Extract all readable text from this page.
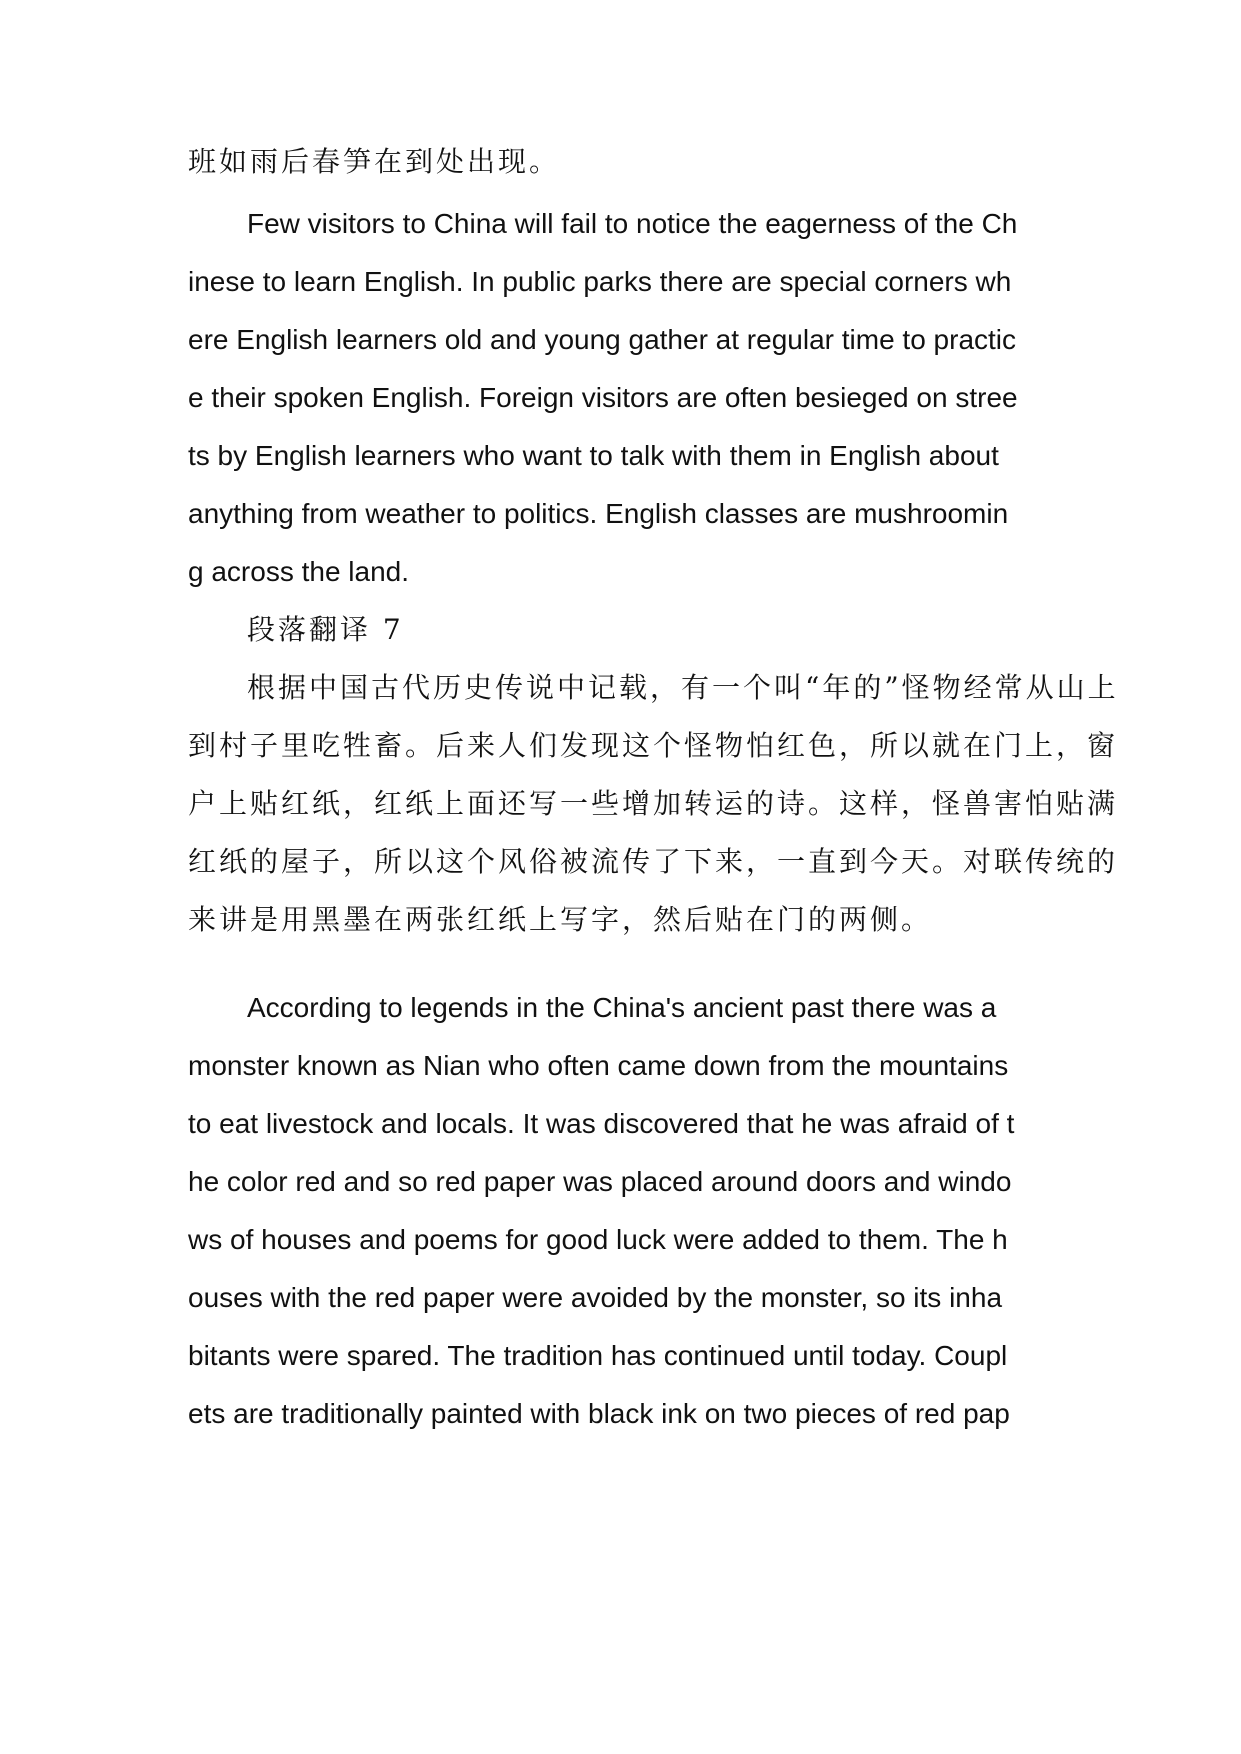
班如雨后春笋在到处出现。
Few visitors to China will fail to notice the eagerness of the Ch
inese to learn English. In public parks there are special corners wh
ere English learners old and young gather at regular time to practic
e their spoken English. Foreign visitors are often besieged on stree
ts by English learners who want to talk with them in English about
anything from weather to politics. English classes are mushroomin
g across the land.
段落翻译 7
根据中国古代历史传说中记载，有一个叫“年的”怪物经常从山上
到村子里吃牲畜。后来人们发现这个怪物怕红色，所以就在门上，窗
户上贴红纸，红纸上面还写一些增加转运的诗。这样，怪兽害怕贴满
红纸的屋子，所以这个风俗被流传了下来，一直到今天。对联传统的
来讲是用黑墨在两张红纸上写字，然后贴在门的两侧。
According to legends in the China's ancient past there was a
monster known as Nian who often came down from the mountains
to eat livestock and locals. It was discovered that he was afraid of t
he color red and so red paper was placed around doors and windo
ws of houses and poems for good luck were added to them. The h
ouses with the red paper were avoided by the monster, so its inha
bitants were spared. The tradition has continued until today. Coupl
ets are traditionally painted with black ink on two pieces of red pap
